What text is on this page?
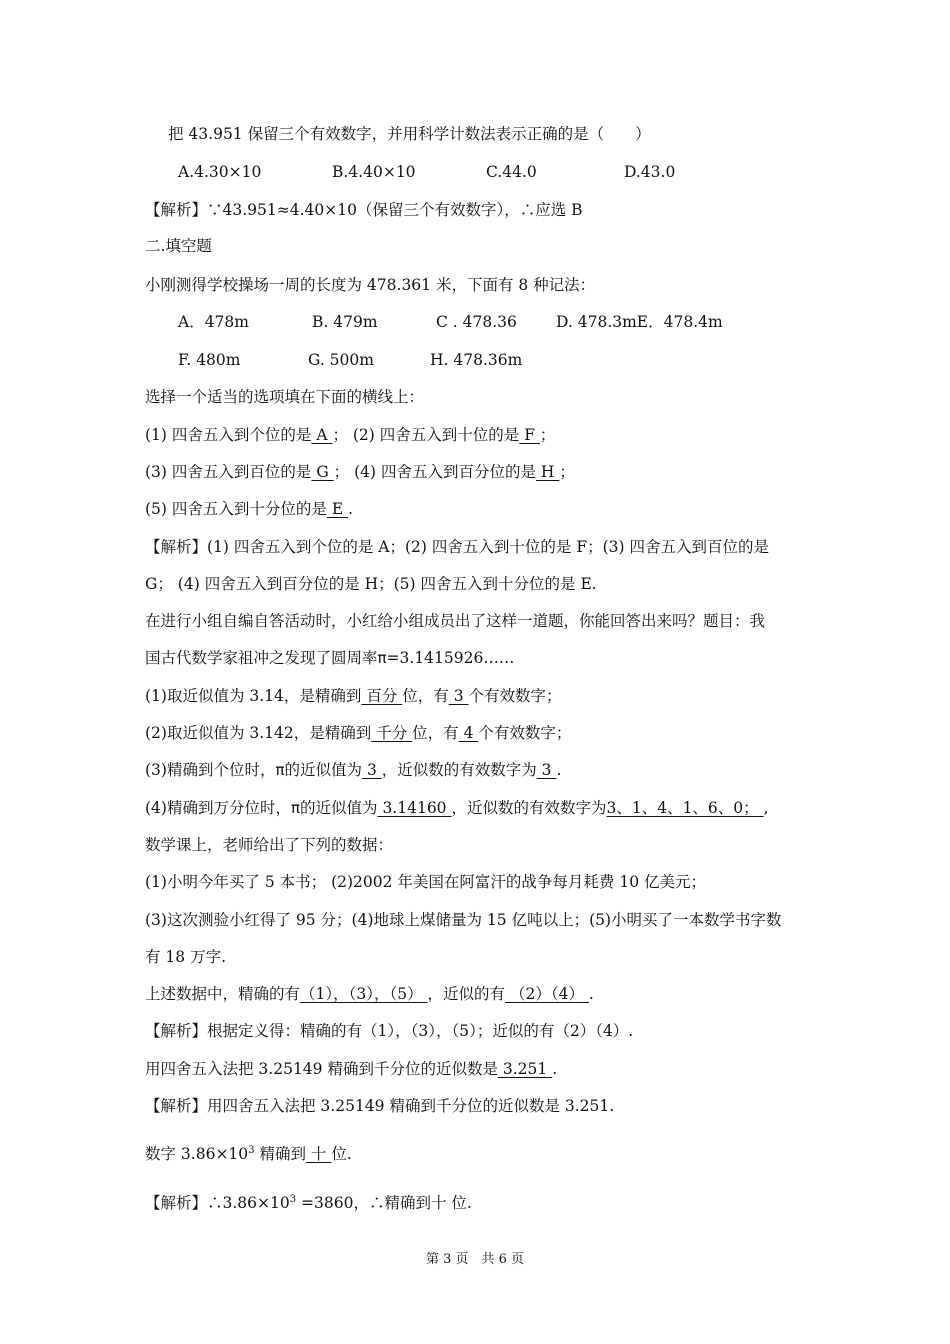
把 43.951 保留三个有效数字，并用科学计数法表示正确的是（　　）
A.4.30×10	B.4.40×10	C.44.0	D.43.0
【解析】∵43.951≈4.40×10（保留三个有效数字），∴应选 B
二.填空题
小刚测得学校操场一周的长度为 478.361 米，下面有 8 种记法：
A．478m	B. 479m	C . 478.36	D. 478.3mE．478.4m
F. 480m	G. 500m	H. 478.36m
选择一个适当的选项填在下面的横线上：
(1) 四舍五入到个位的是 A ； (2) 四舍五入到十位的是 F ；
(3) 四舍五入到百位的是 G ； (4) 四舍五入到百分位的是 H ；
(5) 四舍五入到十分位的是 E .
【解析】(1) 四舍五入到个位的是 A；(2) 四舍五入到十位的是 F；(3) 四舍五入到百位的是
G； (4) 四舍五入到百分位的是 H；(5) 四舍五入到十分位的是 E.
在进行小组自编自答活动时，小红给小组成员出了这样一道题，你能回答出来吗？题目：我
国古代数学家祖冲之发现了圆周率π=3.1415926……
(1)取近似值为 3.14，是精确到 百分 位，有 3 个有效数字；
(2)取近似值为 3.142，是精确到 千分 位，有 4 个有效数字；
(3)精确到个位时，π的近似值为 3 ，近似数的有效数字为 3 .
(4)精确到万分位时，π的近似值为 3.14160 ，近似数的有效数字为3、1、4、1、6、0； ,
数学课上，老师给出了下列的数据：
(1)小明今年买了 5 本书； (2)2002 年美国在阿富汗的战争每月耗费 10 亿美元；
(3)这次测验小红得了 95 分；(4)地球上煤储量为 15 亿吨以上；(5)小明买了一本数学书字数
有 18 万字.
上述数据中，精确的有（1），（3），（5） ，近似的有 （2）（4） .
【解析】根据定义得：精确的有（1），（3），（5）；近似的有（2）（4）.
用四舍五入法把 3.25149 精确到千分位的近似数是 3.251 .
【解析】用四舍五入法把 3.25149 精确到千分位的近似数是 3.251.
数字 $3.86\times 10^3$ 精确到 十 位.
【解析】$\therefore 3.86\times 10^3 =3860$，∴精确到十 位.
第 3 页　共 6 页
